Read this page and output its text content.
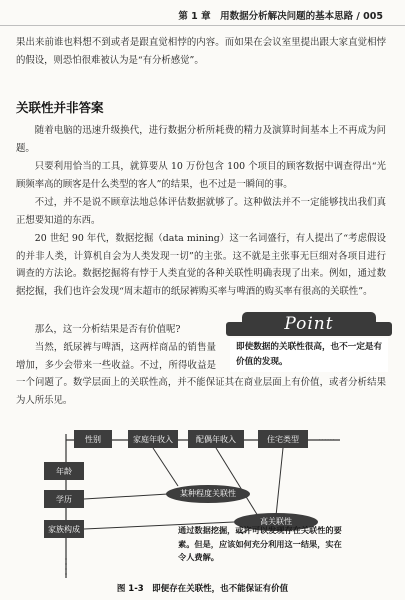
第 1 章　用数据分析解决问题的基本思路 / 005

果出来前谁也料想不到或者是跟直觉相悖的内容。而如果在会议室里提出跟大家直觉相悖的假设，则恐怕很难被认为是“有分析感觉”。

关联性并非答案

随着电脑的迅速升级换代，进行数据分析所耗费的精力及演算时间基本上不再成为问题。

只要利用恰当的工具，就算要从 10 万份包含 100 个项目的顾客数据中调查得出“光顾频率高的顾客是什么类型的客人”的结果，也不过是一瞬间的事。

不过，并不是说不顾章法地总体评估数据就够了。这种做法并不一定能够找出我们真正想要知道的东西。

20 世纪 90 年代，数据挖掘（data mining）这一名词盛行，有人提出了“考虑假设的并非人类，计算机自会为人类发现一切”的主张。这不就是主张事无巨细对各项目进行调查的方法论。数据挖掘将有悖于人类直觉的各种关联性明确表现了出来。例如，通过数据挖掘，我们也许会发现“周末超市的纸尿裤购买率与啤酒的购买率有很高的关联性”。

那么，这一分析结果是否有价值呢?

当然，纸尿裤与啤酒，这两样商品的销售量增加，多少会带来一些收益。不过，所得收益是

一个问题了。数学层面上的关联性高，并不能保证其在商业层面上有价值，或者分析结果为人所乐见。

Point
即使数据的关联性很高，也不一定是有价值的发现。
······
性别	家庭年收入	配偶年收入	住宅类型
年龄
学历
家族构成
某种程度关联性
高关联性
通过数据挖掘，或许可以发现存在关联性的要素。但是，应该如何充分利用这一结果，实在令人费解。
图 1-3　即便存在关联性，也不能保证有价值
